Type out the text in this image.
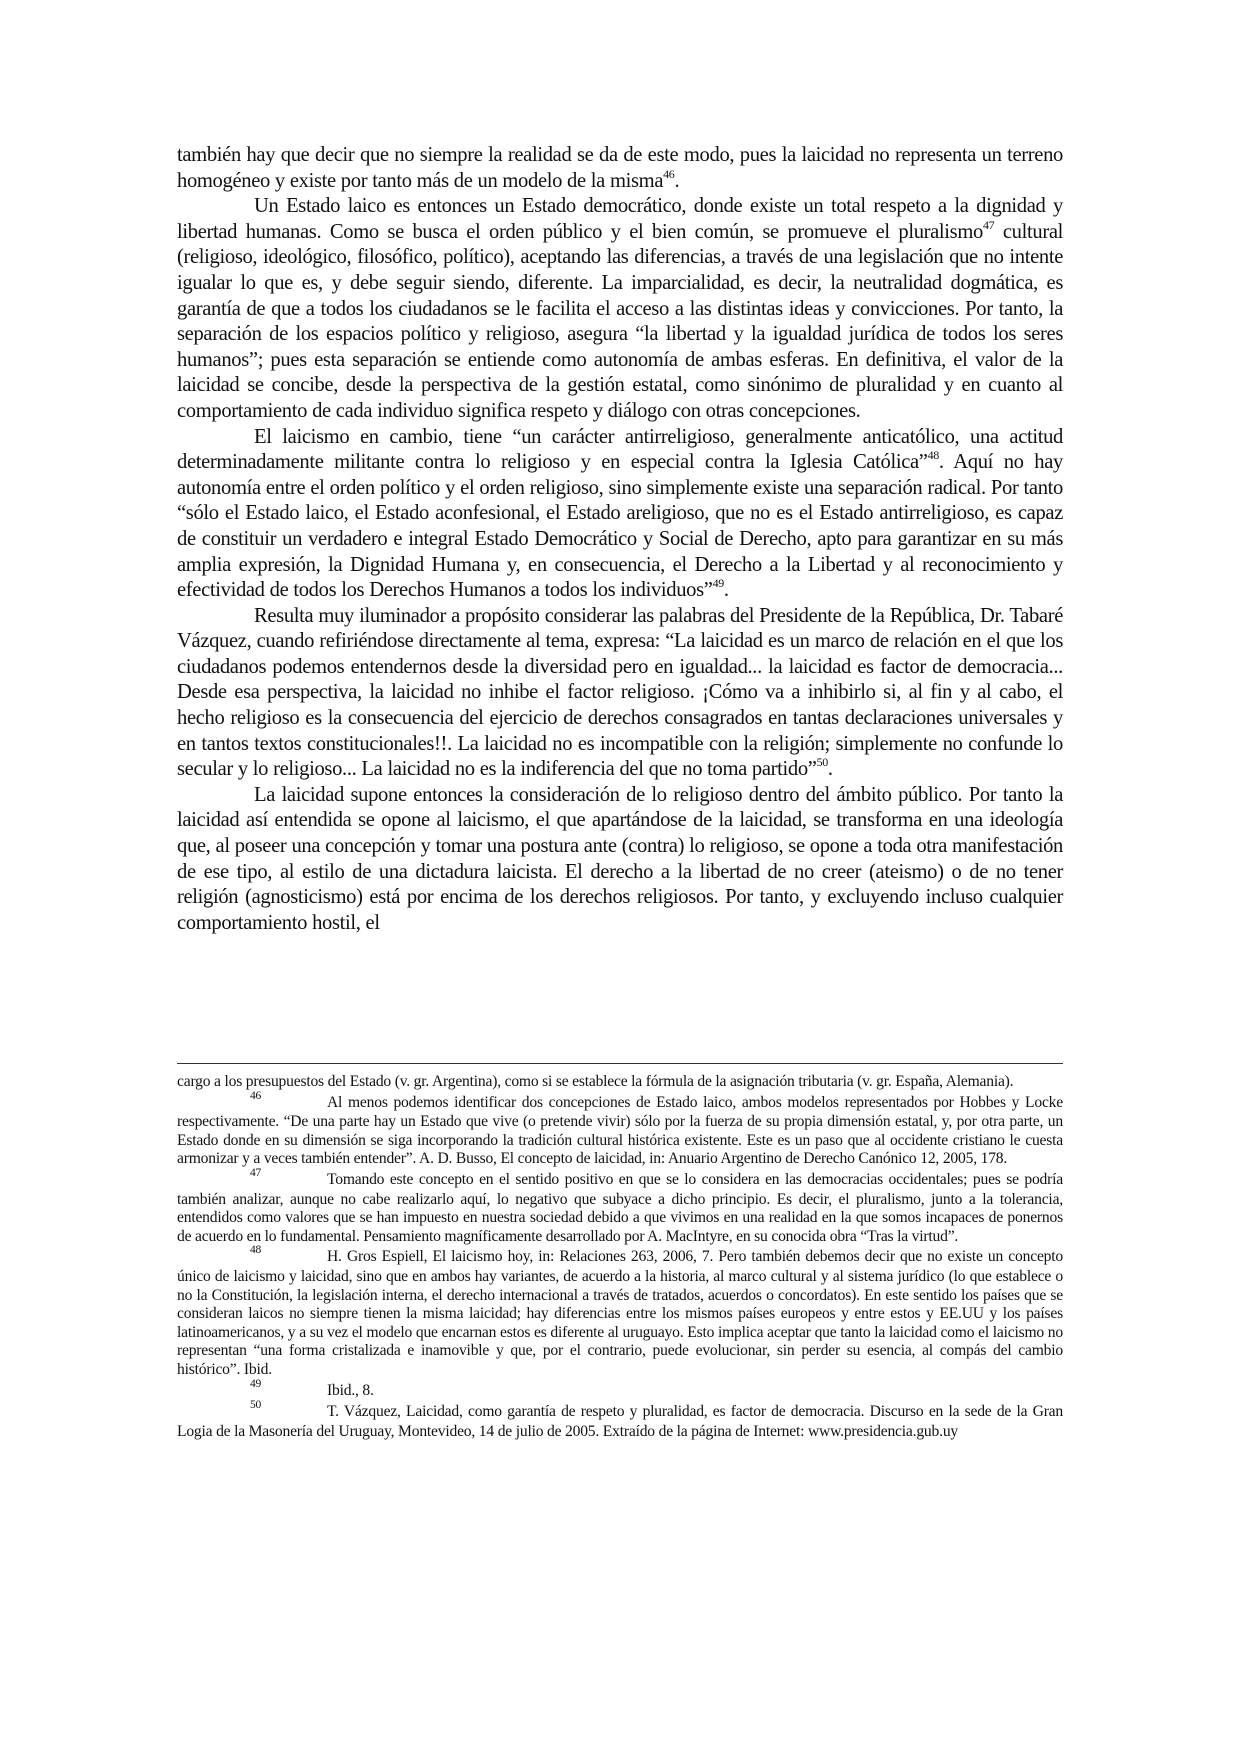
también hay que decir que no siempre la realidad se da de este modo, pues la laicidad no representa un terreno homogéneo y existe por tanto más de un modelo de la misma$^{46}$.

Un Estado laico es entonces un Estado democrático, donde existe un total respeto a la dignidad y libertad humanas. Como se busca el orden público y el bien común, se promueve el pluralismo$^{47}$ cultural (religioso, ideológico, filosófico, político), aceptando las diferencias, a través de una legislación que no intente igualar lo que es, y debe seguir siendo, diferente. La imparcialidad, es decir, la neutralidad dogmática, es garantía de que a todos los ciudadanos se le facilita el acceso a las distintas ideas y convicciones. Por tanto, la separación de los espacios político y religioso, asegura “la libertad y la igualdad jurídica de todos los seres humanos”; pues esta separación se entiende como autonomía de ambas esferas. En definitiva, el valor de la laicidad se concibe, desde la perspectiva de la gestión estatal, como sinónimo de pluralidad y en cuanto al comportamiento de cada individuo significa respeto y diálogo con otras concepciones.

El laicismo en cambio, tiene “un carácter antirreligioso, generalmente anticatólico, una actitud determinadamente militante contra lo religioso y en especial contra la Iglesia Católica”$^{48}$. Aquí no hay autonomía entre el orden político y el orden religioso, sino simplemente existe una separación radical. Por tanto “sólo el Estado laico, el Estado aconfesional, el Estado areligioso, que no es el Estado antirreligioso, es capaz de constituir un verdadero e integral Estado Democrático y Social de Derecho, apto para garantizar en su más amplia expresión, la Dignidad Humana y, en consecuencia, el Derecho a la Libertad y al reconocimiento y efectividad de todos los Derechos Humanos a todos los individuos”$^{49}$.

Resulta muy iluminador a propósito considerar las palabras del Presidente de la República, Dr. Tabaré Vázquez, cuando refiriéndose directamente al tema, expresa: “La laicidad es un marco de relación en el que los ciudadanos podemos entendernos desde la diversidad pero en igualdad... la laicidad es factor de democracia... Desde esa perspectiva, la laicidad no inhibe el factor religioso. ¡Cómo va a inhibirlo si, al fin y al cabo, el hecho religioso es la consecuencia del ejercicio de derechos consagrados en tantas declaraciones universales y en tantos textos constitucionales!!. La laicidad no es incompatible con la religión; simplemente no confunde lo secular y lo religioso... La laicidad no es la indiferencia del que no toma partido”$^{50}$.

La laicidad supone entonces la consideración de lo religioso dentro del ámbito público. Por tanto la laicidad así entendida se opone al laicismo, el que apartándose de la laicidad, se transforma en una ideología que, al poseer una concepción y tomar una postura ante (contra) lo religioso, se opone a toda otra manifestación de ese tipo, al estilo de una dictadura laicista. El derecho a la libertad de no creer (ateismo) o de no tener religión (agnosticismo) está por encima de los derechos religiosos. Por tanto, y excluyendo incluso cualquier comportamiento hostil, el

cargo a los presupuestos del Estado (v. gr. Argentina), como si se establece la fórmula de la asignación tributaria (v. gr. España, Alemania).

46	Al menos podemos identificar dos concepciones de Estado laico, ambos modelos representados por Hobbes y Locke respectivamente. “De una parte hay un Estado que vive (o pretende vivir) sólo por la fuerza de su propia dimensión estatal, y, por otra parte, un Estado donde en su dimensión se siga incorporando la tradición cultural histórica existente. Este es un paso que al occidente cristiano le cuesta armonizar y a veces también entender”. A. D. Busso, El concepto de laicidad, in: Anuario Argentino de Derecho Canónico 12, 2005, 178.

47	Tomando este concepto en el sentido positivo en que se lo considera en las democracias occidentales; pues se podría también analizar, aunque no cabe realizarlo aquí, lo negativo que subyace a dicho principio. Es decir, el pluralismo, junto a la tolerancia, entendidos como valores que se han impuesto en nuestra sociedad debido a que vivimos en una realidad en la que somos incapaces de ponernos de acuerdo en lo fundamental. Pensamiento magníficamente desarrollado por A. MacIntyre, en su conocida obra “Tras la virtud”.

48	H. Gros Espiell, El laicismo hoy, in: Relaciones 263, 2006, 7. Pero también debemos decir que no existe un concepto único de laicismo y laicidad, sino que en ambos hay variantes, de acuerdo a la historia, al marco cultural y al sistema jurídico (lo que establece o no la Constitución, la legislación interna, el derecho internacional a través de tratados, acuerdos o concordatos). En este sentido los países que se consideran laicos no siempre tienen la misma laicidad; hay diferencias entre los mismos países europeos y entre estos y EE.UU y los países latinoamericanos, y a su vez el modelo que encarnan estos es diferente al uruguayo. Esto implica aceptar que tanto la laicidad como el laicismo no representan “una forma cristalizada e inamovible y que, por el contrario, puede evolucionar, sin perder su esencia, al compás del cambio histórico”. Ibid.

49	Ibid., 8.

50	T. Vázquez, Laicidad, como garantía de respeto y pluralidad, es factor de democracia. Discurso en la sede de la Gran Logia de la Masonería del Uruguay, Montevideo, 14 de julio de 2005. Extraído de la página de Internet: www.presidencia.gub.uy
